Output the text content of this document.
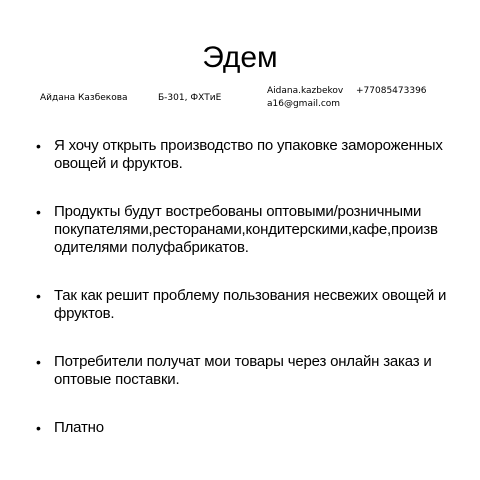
Эдем
Айдана Казбекова	Б-301, ФХТиЕ
Aidana.kazbekov
a16@gmail.com
+77085473396
• Я хочу открыть производство по упаковке замороженных овощей и фруктов.
• Продукты будут востребованы оптовыми/розничными покупателями,ресторанами,кондитерскими,кафе,произв одителями полуфабрикатов.
• Так как решит проблему пользования несвежих овощей и фруктов.
• Потребители получат мои товары через онлайн заказ и оптовые поставки.
• Платно
